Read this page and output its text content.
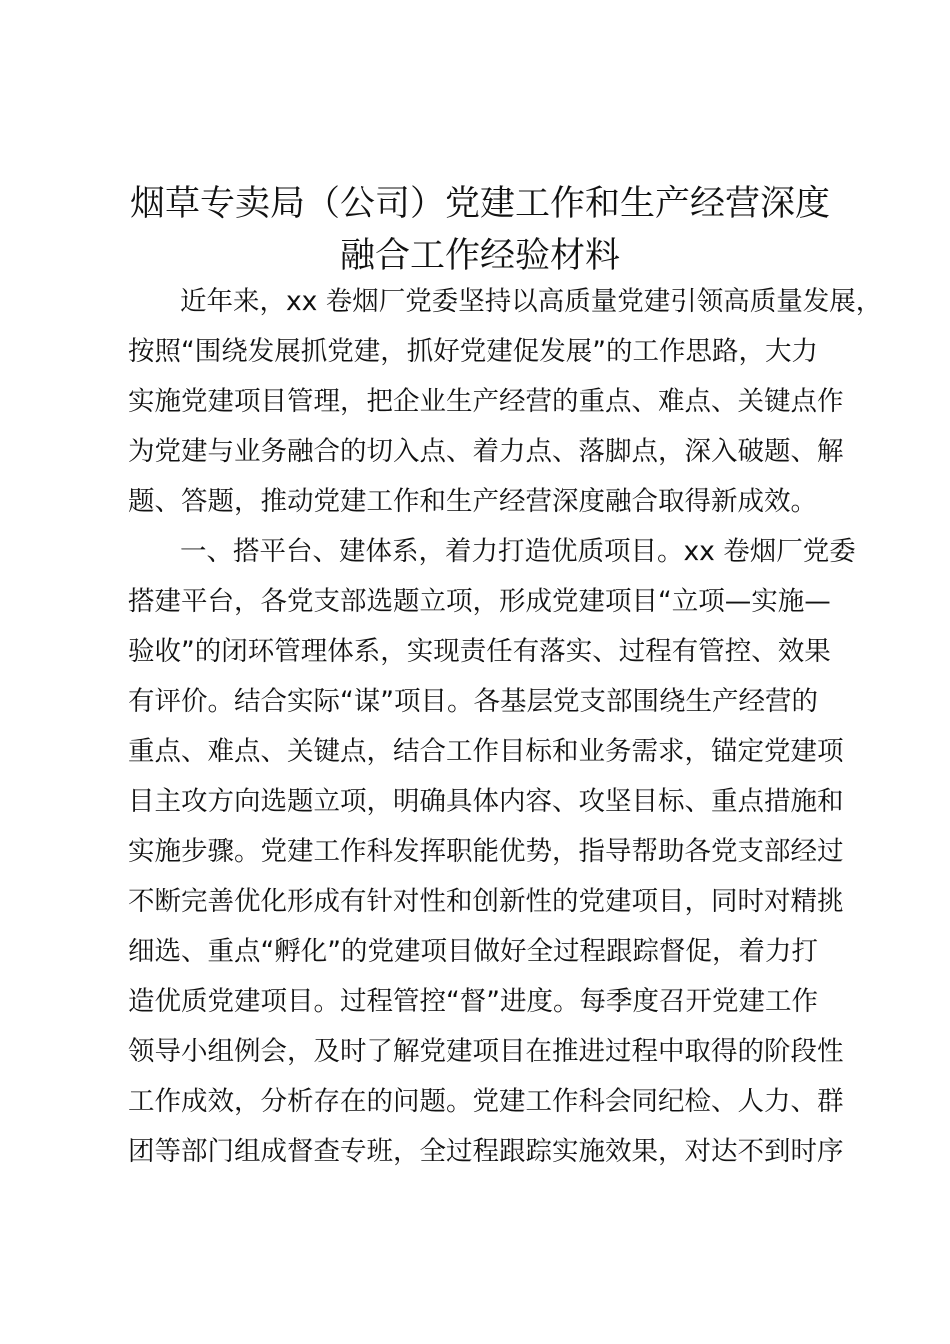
烟草专卖局（公司）党建工作和生产经营深度
融合工作经验材料

近年来，xx 卷烟厂党委坚持以高质量党建引领高质量发展，

按照“围绕发展抓党建，抓好党建促发展”的工作思路，大力

实施党建项目管理，把企业生产经营的重点、难点、关键点作

为党建与业务融合的切入点、着力点、落脚点，深入破题、解

题、答题，推动党建工作和生产经营深度融合取得新成效。

一、搭平台、建体系，着力打造优质项目。xx 卷烟厂党委

搭建平台，各党支部选题立项，形成党建项目“立项—实施—

验收”的闭环管理体系，实现责任有落实、过程有管控、效果

有评价。结合实际“谋”项目。各基层党支部围绕生产经营的

重点、难点、关键点，结合工作目标和业务需求，锚定党建项

目主攻方向选题立项，明确具体内容、攻坚目标、重点措施和

实施步骤。党建工作科发挥职能优势，指导帮助各党支部经过

不断完善优化形成有针对性和创新性的党建项目，同时对精挑

细选、重点“孵化”的党建项目做好全过程跟踪督促，着力打

造优质党建项目。过程管控“督”进度。每季度召开党建工作

领导小组例会，及时了解党建项目在推进过程中取得的阶段性

工作成效，分析存在的问题。党建工作科会同纪检、人力、群

团等部门组成督查专班，全过程跟踪实施效果，对达不到时序
